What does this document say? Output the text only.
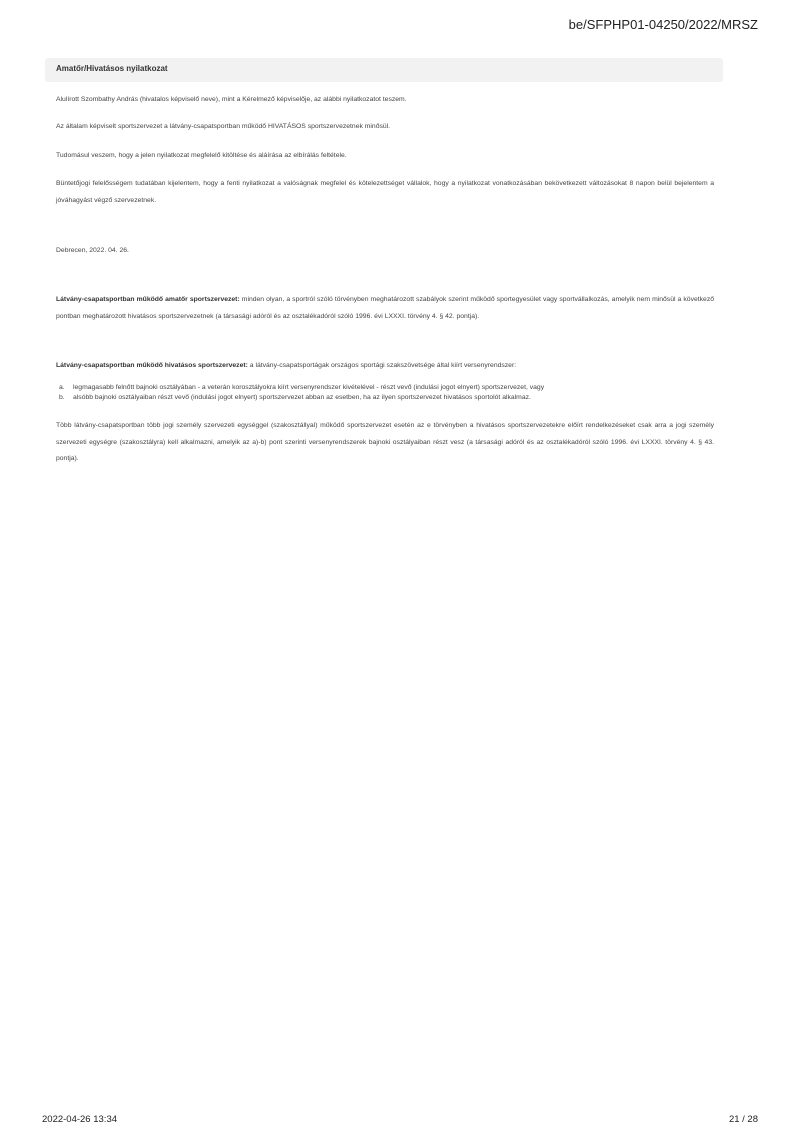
be/SFPHP01-04250/2022/MRSZ
Amatőr/Hivatásos nyilatkozat

Alulírott Szombathy András (hivatalos képviselő neve), mint a Kérelmező képviselője, az alábbi nyilatkozatot teszem.

Az általam képviselt sportszervezet a látvány-csapatsportban működő HIVATÁSOS sportszervezetnek minősül.

Tudomásul veszem, hogy a jelen nyilatkozat megfelelő kitöltése és aláírása az elbírálás feltétele.

Büntetőjogi felelősségem tudatában kijelentem, hogy a fenti nyilatkozat a valóságnak megfelel és kötelezettséget vállalok, hogy a nyilatkozat vonatkozásában bekövetkezett változásokat 8 napon belül bejelentem a jóváhagyást végző szervezetnek.

Debrecen, 2022. 04. 26.

Látvány-csapatsportban működő amatőr sportszervezet: minden olyan, a sportról szóló törvényben meghatározott szabályok szerint működő sportegyesület vagy sportvállalkozás, amelyik nem minősül a következő pontban meghatározott hivatásos sportszervezetnek (a társasági adóról és az osztalékadóról szóló 1996. évi LXXXI. törvény 4. § 42. pontja).

Látvány-csapatsportban működő hivatásos sportszervezet: a látvány-csapatsportágak országos sportági szakszövetsége által kiírt versenyrendszer:

a.	legmagasabb felnőtt bajnoki osztályában - a veterán korosztályokra kiírt versenyrendszer kivételével - részt vevő (indulási jogot elnyert) sportszervezet, vagy
b.	alsóbb bajnoki osztályaiban részt vevő (indulási jogot elnyert) sportszervezet abban az esetben, ha az ilyen sportszervezet hivatásos sportolót alkalmaz.

Több látvány-csapatsportban több jogi személy szervezeti egységgel (szakosztállyal) működő sportszervezet esetén az e törvényben a hivatásos sportszervezetekre előírt rendelkezéseket csak arra a jogi személy szervezeti egységre (szakosztályra) kell alkalmazni, amelyik az a)-b) pont szerinti versenyrendszerek bajnoki osztályaiban részt vesz (a társasági adóról és az osztalékadóról szóló 1996. évi LXXXI. törvény 4. § 43. pontja).

2022-04-26 13:34	21 / 28
